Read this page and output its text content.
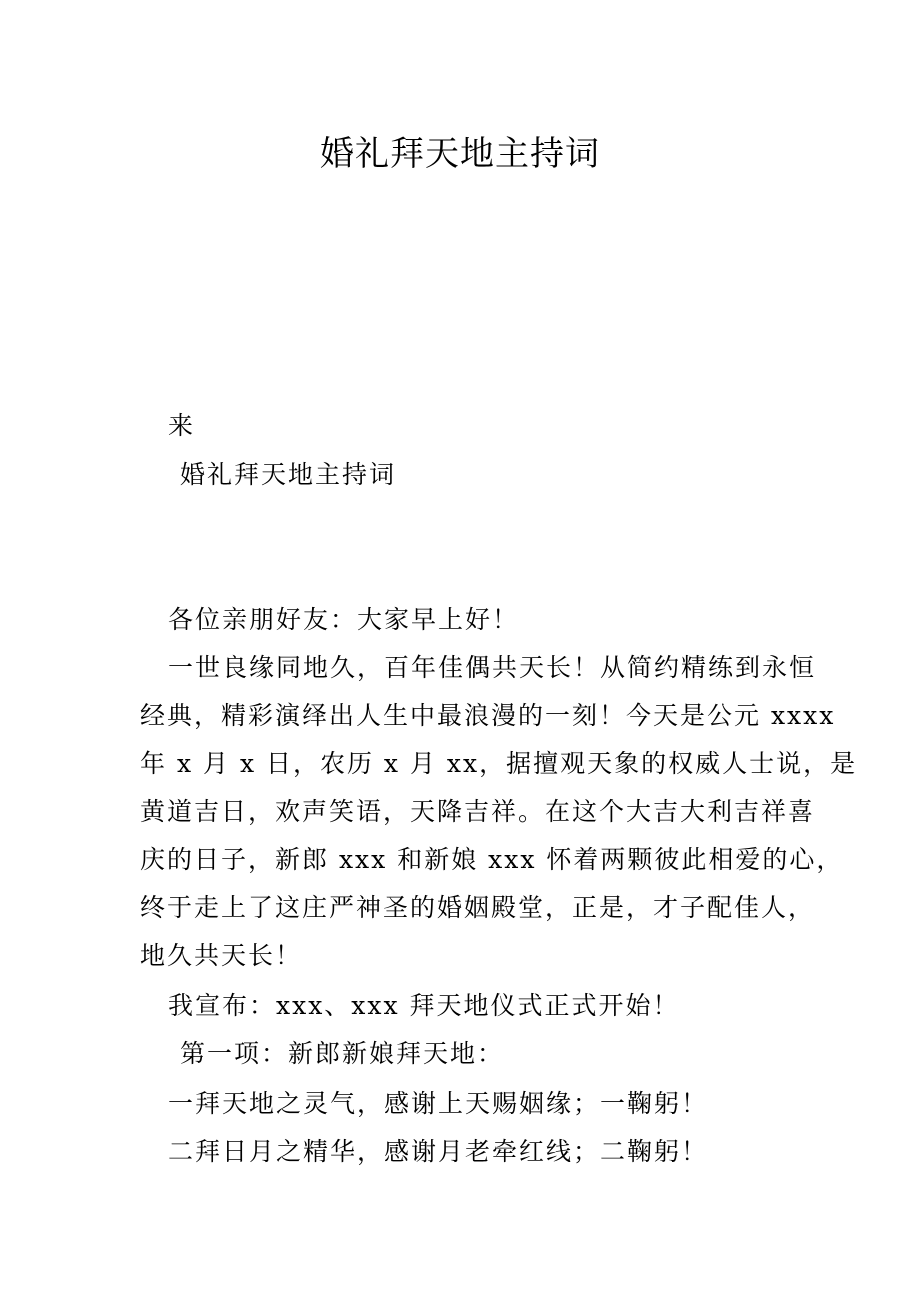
婚礼拜天地主持词

来

婚礼拜天地主持词

各位亲朋好友：大家早上好！

一世良缘同地久，百年佳偶共天长！从简约精练到永恒

经典，精彩演绎出人生中最浪漫的一刻！今天是公元 xxxx

年 x 月 x 日，农历 x 月 xx，据擅观天象的权威人士说，是

黄道吉日，欢声笑语，天降吉祥。在这个大吉大利吉祥喜

庆的日子，新郎 xxx 和新娘 xxx 怀着两颗彼此相爱的心，

终于走上了这庄严神圣的婚姻殿堂，正是，才子配佳人，

地久共天长！

我宣布：xxx、xxx 拜天地仪式正式开始！

第一项：新郎新娘拜天地：

一拜天地之灵气，感谢上天赐姻缘；一鞠躬！

二拜日月之精华，感谢月老牵红线；二鞠躬！
